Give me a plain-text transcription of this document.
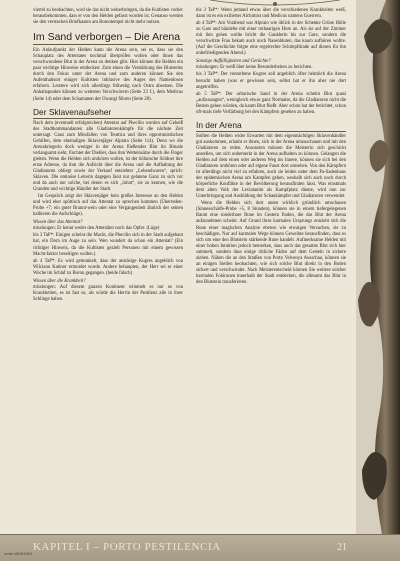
viertel zu beobachten, wird sie das nicht weiterbringen, da die Kultisten vorher herausbekommen, dass er von den Helden gefasst worden ist. Genauso werden sie den verstecken Briefkasten am Botontempel nicht mehr nutzen.

Im Sand verborgen – Die Arena

Ein Anlaufpunkt der Helden kann die Arena sein, sei es, dass sie den Schauplatz des Attentates nochmal überprüfen wollen oder ihnen das verschwundene Blut in der Arena zu denken gibt. Hier können die Helden ein paar wichtige Hinweise entdecken: Zum einen die Verstärkung des Blutsteins durch den Fokus unter der Arena und zum anderen können Sie den Aufenthaltsort einiger Kultisten inklusive des Auges des Namenlosen erfahren. Letztere wird sich allerdings frühestig nach Ostra absetzen. Die Anhaltspunkte können zu weiteren Verschwörern (Seite 23 f.), dem Medicus (Seite 14) oder dem Schamanen der Owangi führen (Seite 28).

Der Sklavenaufseher

Nach dem (eventuell erfolgreichen) Attentat auf Phecilio wurden auf Geheiß des Stadtkommandanten alle Gladiatorenkämpfe für die nächste Zeit untersagt. Ganz zum Missfallen von Teuttica und ihres opportunistischen Gehilfen, dem ehemaligen Sklavenjäger Alprato (Seite 114). Denn wo die Arenakriegerin doch weniger in der Arena fließendes Blut ihr Rituale verlangsamt sieht, fürchtet der Diebler, dass ihm Wetteinsätze durch die Finger gleiten. Wenn die Helden sich umhören wollen, ist der höhnische Söldner ihre erste Adresse, da ihm die Aufsicht über die Arena und die Aufhaltung der Gladiatoren obliegt sowie der Verkauf entsiebter „Lebendwaren“, sprich: Sklaven. Die ominöse Leiterin dagegen lässt nur gelatene Ganz zu sich vor und da auch nur solche, bei denen es sich „lohnt“, sie zu kennen, wie die Granden und wichtige Händler der Stadt.

Im Gespräch zeigt der Sklavenjäger kein großes Interesse an den Helden und wird eher spöttisch auf das Attentat zu sprechen kommen (Überreden-Probe +7; ein guter Brannt-wein oder eine Vergangenheit ähnlich der seinen halbieren die Aufschläge).

Wissen über das Attentat?

misslungen: Er kennt weder den Attentäter noch das Opfer. (Lüge)

bis 3 TaP*: Einigen scheint die Macht, die Phecilio sich in der Stadt aufgebaut hat, ein Dorn im Auge zu sein. Wen wundert da schon ein Attentat? (Ein richtiger Hinweis, da die Kultisten gezielt Personen mit einem gewissen Macht-faktor beseitigen wollen.)

ab 4 TaP*: Es wird gemunkelt, dass der anstäsige Kugres angeblich von Wilciano Katinor ermordet wurde. Andere behaupten, der Herr sei er einer Woche im Schlaf zu Boron gegangen. (beide falsch)

Wissen über die Krankheit?

misslungen: Auf diesem ganzen Kontinent wimmelt es nur so von Krankheiten, es ist fast so, als würde die Herrin der Pestilenz alle in ihrer Schlinge haben.

bis 3 TaP*: Wenn jemand etwas über die verschiedenen Krankheiten weiß, dann ist es ein exilierter Alchimist und Medicus namens Guerrero.

ab 4 TaP*: Am Vorabend war Alpraio wie üblich in der Schenke Grüne Hölle zu Gast und bändelte mit einer rothaarigen Hure an. Als sie auf der Zimmer mit ihm gehen wollte bricht die Gauklerin bis zur Gute, sondern die verschwitzte Frau bekam auch noch Nasenbluten, das kaum aufhören wollte. (Auf die Geschichte folgte eine regelrechte Schimpftirade auf diesen für ihn unbefriedigenden Abend.)

Sonstige Auffälligkeiten und Gerüchte?

misslungen: Er weiß über keine Besonderheiten zu berichten.

bis 3 TaP*: Der ventorbene Kugres soll angeblich öfter heimlich die Arena besucht haben (was er gewissen sein, selbst hat er ihn aber nie dort angetroffen.

ab 5 TaP*: Der urbarische Sand in der Arena scheint Blut quasi „aufzusaugen“, wenngleich etwas ganz Normales, da die Gladiatoren nicht die Besten gehen würden, da kaum Blut fließt. Aber schon hat der berichtet, schon oft-mals tiefe Verfärbung bei den Kämpfern gesehen zu haben.

In der Arena

Sollten die Helden wider Erwarten mit dem eigenmächtigen Sklavenhändler gut auskommen, erlaubt er ihnen, sich in der Arena umzuschauen und mit den Gladiatoren zu reden. Ansonsten müssen die Meisterin sich geschickt anstellen, um sich unbemerkt in der Arena aufhalten zu können. Gelangen die Helden auf dem einen oder anderen Weg ins Innere, können sie sich bei den Gladiatoren umhören oder auf eigene Faust dort umsehen. Von den Kämpfern ist allerdings nicht viel zu erfahren, auch sie leiden unter dem Pa-liadenhaus der epidemischen Arena um Kampfen gehen, weshalb sich auch noch durch körperliche Konflikte in der Bevölkerung herausfinden lässt. Was einstmals dem alten Volk der Leviatanim als Kampfplatz diente, wird nun zur Unterbringung und Ausbildung der Schaukämpfer und Gladiatoren verwendet.

Wenn die Helden sich dort unten wirklich gründlich umschauen (Sinnesschärfe-Probe +5, 8 Stunden), können sie in einem tiefergelegenen Raum eine sonderbare Rune im Gestein finden, die das Blut der Arena aufzunehmen scheint. Auf Grund ihres karmalen Ursprungs entzieht sich die Rune einer magischen Analyse ebenso wie etwaigen Versuchen, sie zu beschädigen. Nur auf karmalen Wege können Geweihte herausfinden, dass es sich um eine den Blutstein stärkende Rune handelt. Aufmerksame Helden mit einer hohen Intuition jedoch bemerken, dass auch das gesamte Blut sich hier sammelt, sondern dass einige rötliche Fäden auf dem Gestein in sichere ziehen. Nähen die an den Straßen von Porto Velvenya Ausschau, können sie an einigen Stellen beobachten, wie sich solche Blut direkt in den Boden sickert und verschwindet. Nach Meisterentscheid können Sie weitere solcher karmalen Fokirunen innerhalb der Stadt entdecken, die allesamt das Blut in den Blutstein transferieren.

KAPITEL I – PORTO PESTILENCIA	21
order #6151091
